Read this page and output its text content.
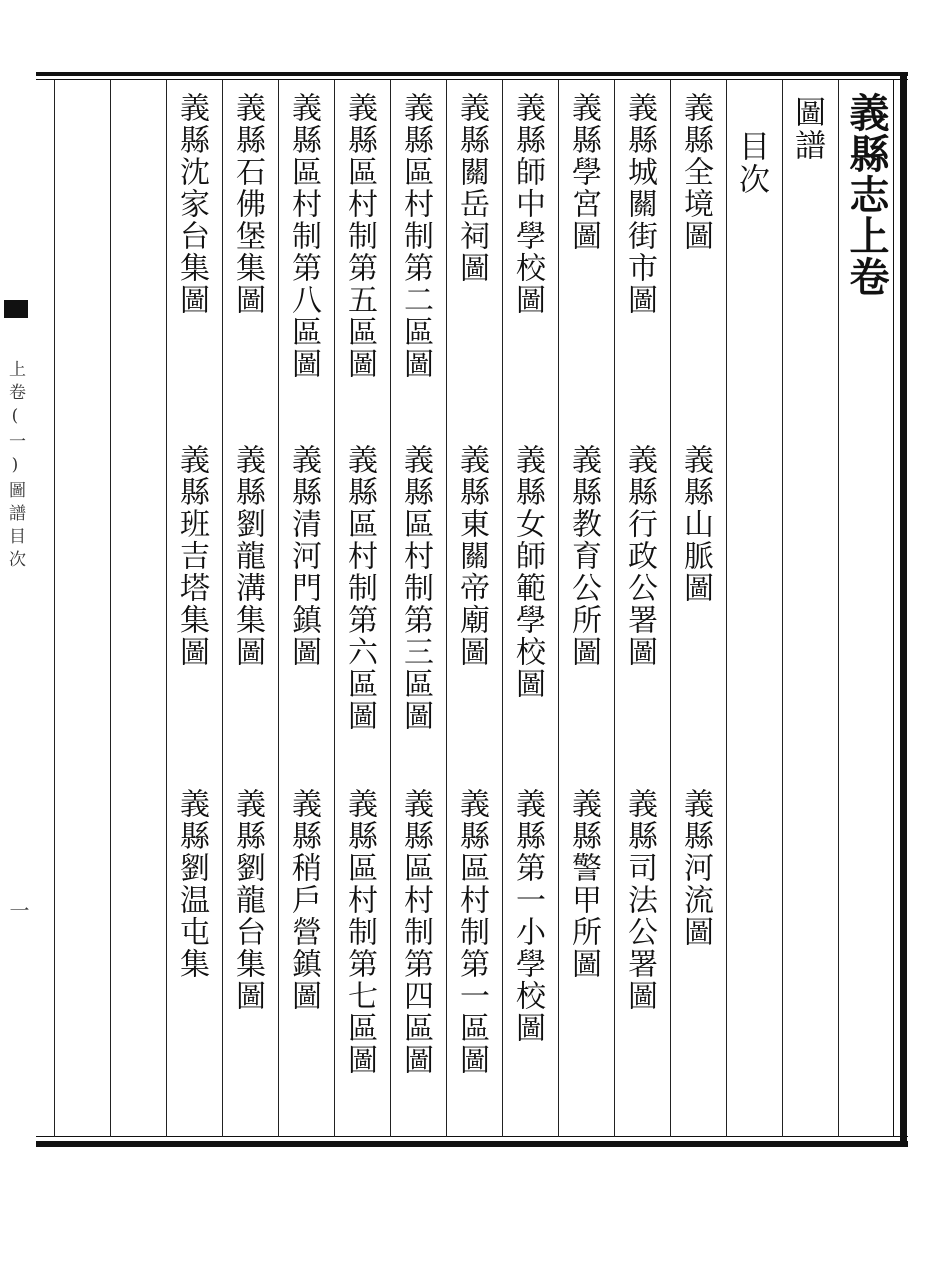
義縣志上卷
圖譜
目次
義縣全境圖
義縣山脈圖
義縣河流圖
義縣城關街市圖
義縣行政公署圖
義縣司法公署圖
義縣學宮圖
義縣教育公所圖
義縣警甲所圖
義縣師中學校圖
義縣女師範學校圖
義縣第一小學校圖
義縣關岳祠圖
義縣東關帝廟圖
義縣區村制第一區圖
義縣區村制第二區圖
義縣區村制第三區圖
義縣區村制第四區圖
義縣區村制第五區圖
義縣區村制第六區圖
義縣區村制第七區圖
義縣區村制第八區圖
義縣清河門鎮圖
義縣稍戶營鎮圖
義縣石佛堡集圖
義縣劉龍溝集圖
義縣劉龍台集圖
義縣沈家台集圖
義縣班吉塔集圖
義縣劉温屯集
上卷(一)圖譜目次
一
